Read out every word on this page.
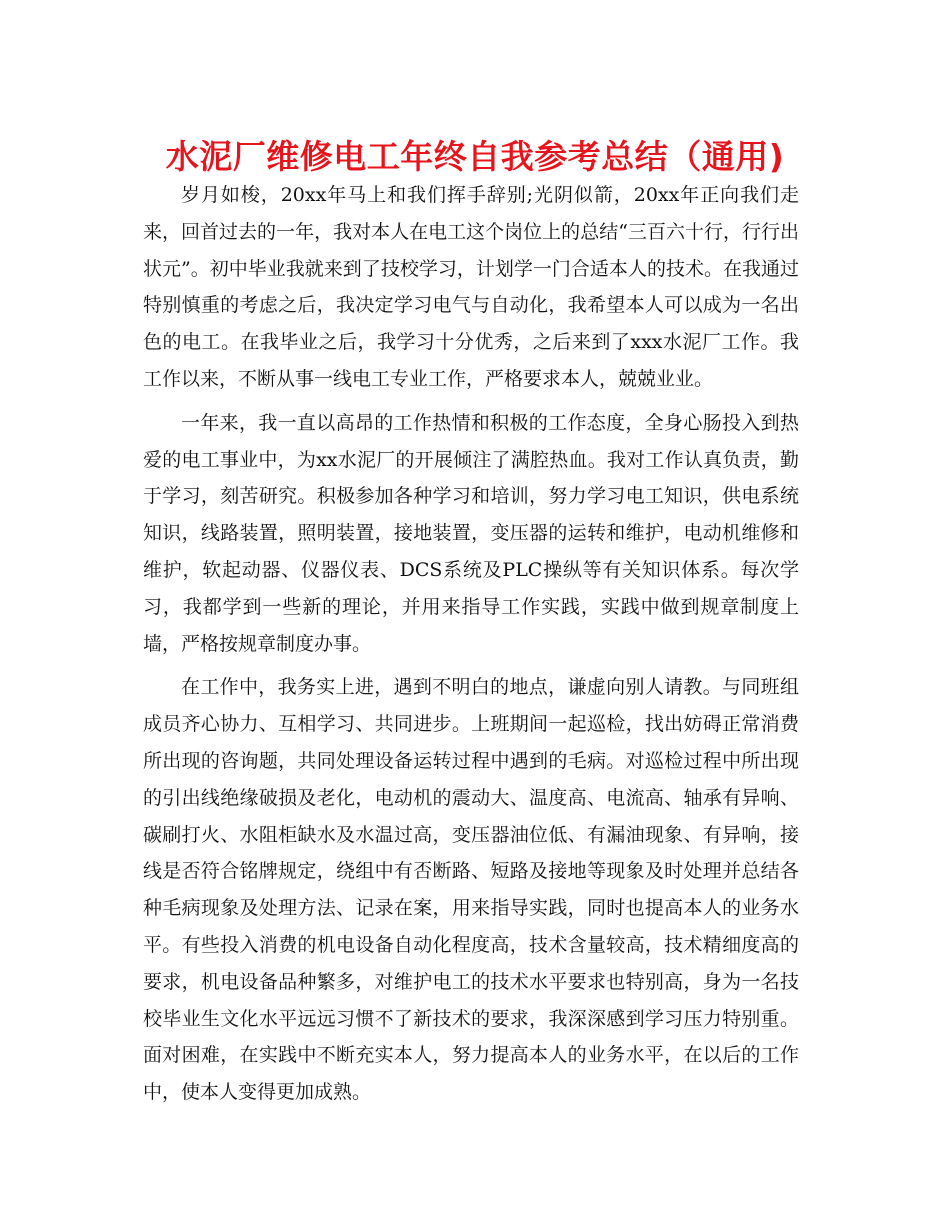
水泥厂维修电工年终自我参考总结（通用)

岁月如梭，20xx年马上和我们挥手辞别;光阴似箭，20xx年正向我们走来，回首过去的一年，我对本人在电工这个岗位上的总结“三百六十行，行行出状元”。初中毕业我就来到了技校学习，计划学一门合适本人的技术。在我通过特别慎重的考虑之后，我决定学习电气与自动化，我希望本人可以成为一名出色的电工。在我毕业之后，我学习十分优秀，之后来到了xxx水泥厂工作。我工作以来，不断从事一线电工专业工作，严格要求本人，兢兢业业。

一年来，我一直以高昂的工作热情和积极的工作态度，全身心肠投入到热爱的电工事业中，为xx水泥厂的开展倾注了满腔热血。我对工作认真负责，勤于学习，刻苦研究。积极参加各种学习和培训，努力学习电工知识，供电系统知识，线路装置，照明装置，接地装置，变压器的运转和维护，电动机维修和维护，软起动器、仪器仪表、DCS系统及PLC操纵等有关知识体系。每次学习，我都学到一些新的理论，并用来指导工作实践，实践中做到规章制度上墙，严格按规章制度办事。

在工作中，我务实上进，遇到不明白的地点，谦虚向别人请教。与同班组成员齐心协力、互相学习、共同进步。上班期间一起巡检，找出妨碍正常消费所出现的咨询题，共同处理设备运转过程中遇到的毛病。对巡检过程中所出现的引出线绝缘破损及老化，电动机的震动大、温度高、电流高、轴承有异响、碳刷打火、水阻柜缺水及水温过高，变压器油位低、有漏油现象、有异响，接线是否符合铭牌规定，绕组中有否断路、短路及接地等现象及时处理并总结各种毛病现象及处理方法、记录在案，用来指导实践，同时也提高本人的业务水平。有些投入消费的机电设备自动化程度高，技术含量较高，技术精细度高的要求，机电设备品种繁多，对维护电工的技术水平要求也特别高，身为一名技校毕业生文化水平远远习惯不了新技术的要求，我深深感到学习压力特别重。面对困难，在实践中不断充实本人，努力提高本人的业务水平，在以后的工作中，使本人变得更加成熟。
